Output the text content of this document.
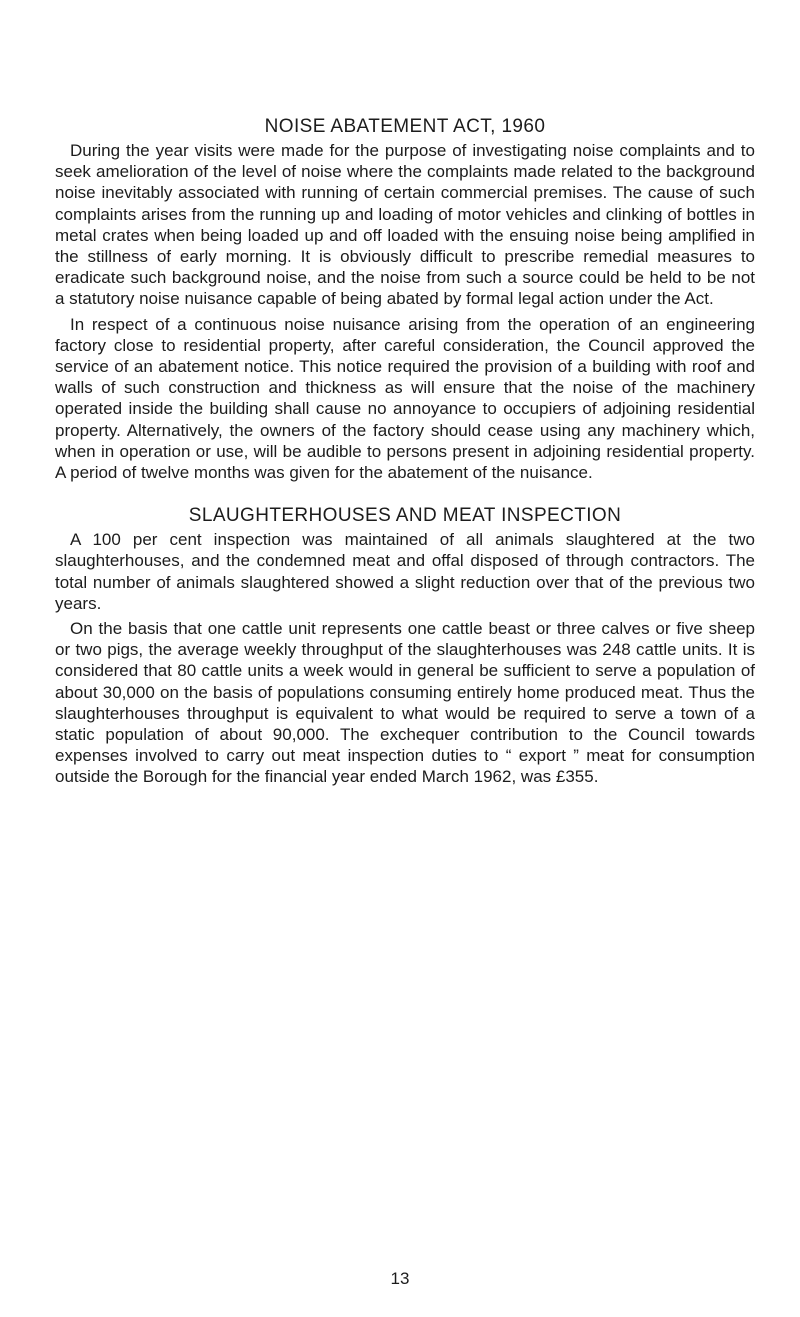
NOISE ABATEMENT ACT, 1960

During the year visits were made for the purpose of investigating noise complaints and to seek amelioration of the level of noise where the complaints made related to the background noise inevitably associated with running of certain commercial premises. The cause of such complaints arises from the running up and loading of motor vehicles and clinking of bottles in metal crates when being loaded up and off loaded with the ensuing noise being amplified in the stillness of early morning. It is obviously difficult to prescribe remedial measures to eradicate such background noise, and the noise from such a source could be held to be not a statutory noise nuisance capable of being abated by formal legal action under the Act.

In respect of a continuous noise nuisance arising from the operation of an engineering factory close to residential property, after careful consideration, the Council approved the service of an abatement notice. This notice required the provision of a building with roof and walls of such construction and thickness as will ensure that the noise of the machinery operated inside the building shall cause no annoyance to occupiers of adjoining residential property. Alternatively, the owners of the factory should cease using any machinery which, when in operation or use, will be audible to persons present in adjoining residential property. A period of twelve months was given for the abatement of the nuisance.

SLAUGHTERHOUSES AND MEAT INSPECTION

A 100 per cent inspection was maintained of all animals slaughtered at the two slaughterhouses, and the condemned meat and offal disposed of through contractors. The total number of animals slaughtered showed a slight reduction over that of the previous two years.

On the basis that one cattle unit represents one cattle beast or three calves or five sheep or two pigs, the average weekly throughput of the slaughterhouses was 248 cattle units. It is considered that 80 cattle units a week would in general be sufficient to serve a population of about 30,000 on the basis of populations consuming entirely home produced meat. Thus the slaughterhouses throughput is equivalent to what would be required to serve a town of a static population of about 90,000. The exchequer contribution to the Council towards expenses involved to carry out meat inspection duties to “ export ” meat for consumption outside the Borough for the financial year ended March 1962, was £355.

13
